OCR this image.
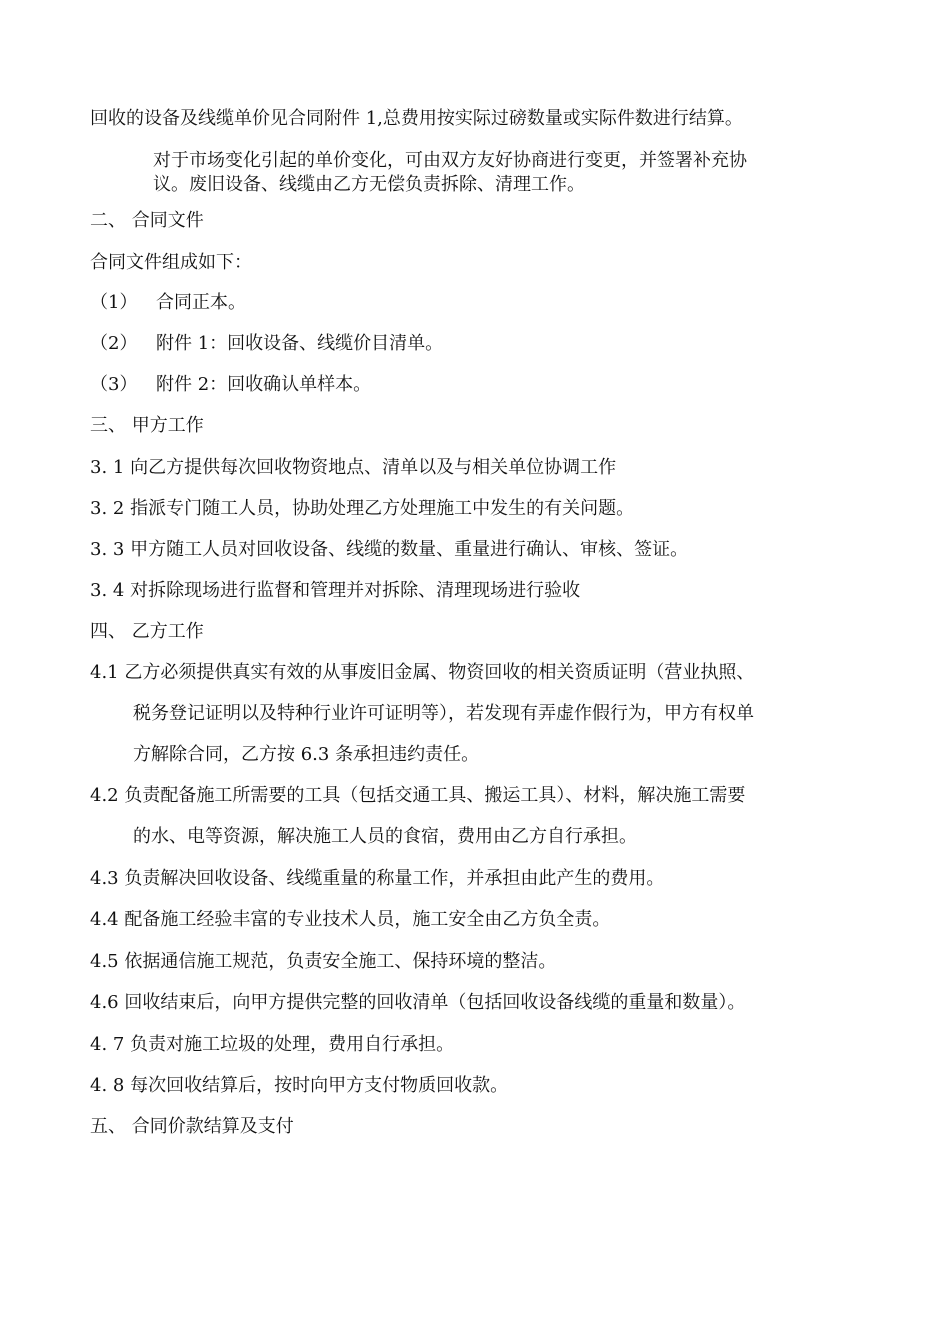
回收的设备及线缆单价见合同附件 1,总费用按实际过磅数量或实际件数进行结算。
对于市场变化引起的单价变化，可由双方友好协商进行变更，并签署补充协
议。废旧设备、线缆由乙方无偿负责拆除、清理工作。
二、 合同文件
合同文件组成如下：
（1） 合同正本。
（2） 附件 1：回收设备、线缆价目清单。
（3） 附件 2：回收确认单样本。
三、 甲方工作
3. 1 向乙方提供每次回收物资地点、清单以及与相关单位协调工作
3. 2 指派专门随工人员，协助处理乙方处理施工中发生的有关问题。
3. 3 甲方随工人员对回收设备、线缆的数量、重量进行确认、审核、签证。
3. 4 对拆除现场进行监督和管理并对拆除、清理现场进行验收
四、 乙方工作
4.1 乙方必须提供真实有效的从事废旧金属、物资回收的相关资质证明（营业执照、
税务登记证明以及特种行业许可证明等），若发现有弄虚作假行为，甲方有权单
方解除合同，乙方按 6.3 条承担违约责任。
4.2 负责配备施工所需要的工具（包括交通工具、搬运工具）、材料，解决施工需要
的水、电等资源，解决施工人员的食宿，费用由乙方自行承担。
4.3 负责解决回收设备、线缆重量的称量工作，并承担由此产生的费用。
4.4 配备施工经验丰富的专业技术人员，施工安全由乙方负全责。
4.5 依据通信施工规范，负责安全施工、保持环境的整洁。
4.6 回收结束后，向甲方提供完整的回收清单（包括回收设备线缆的重量和数量）。
4. 7 负责对施工垃圾的处理，费用自行承担。
4. 8 每次回收结算后，按时向甲方支付物质回收款。
五、 合同价款结算及支付
